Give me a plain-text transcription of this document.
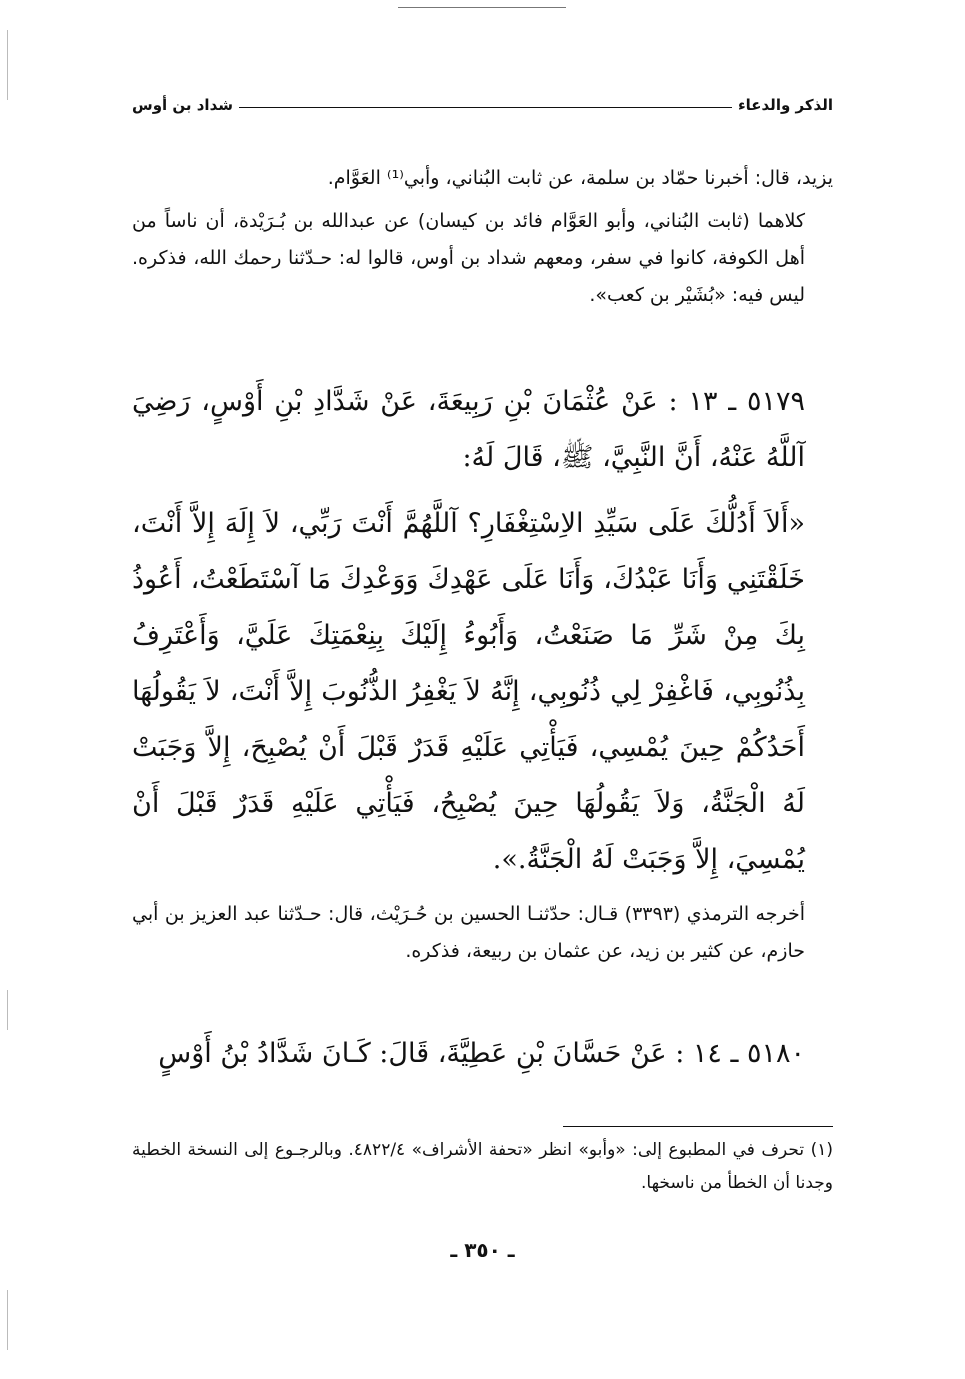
الذكر والدعاء
شداد بن أوس

يزيد، قال: أخبرنا حمّاد بن سلمة، عن ثابت البُناني، وأبي⁽¹⁾ العَوَّام.

كلاهما (ثابت البُناني، وأبو العَوَّام فائد بن كيسان) عن عبدالله بن بُـرَيْدة، أن ناساً من أهل الكوفة، كانوا في سفر، ومعهم شداد بن أوس، قالوا له: حـدّثنا رحمك الله، فذكره. ليس فيه: «بُشَيْر بن كعب».

٥١٧٩ ـ ١٣ : عَنْ عُثْمَانَ بْنِ رَبِيعَةَ، عَنْ شَدَّادِ بْنِ أَوْسٍ، رَضِيَ آللَّهُ عَنْهُ، أَنَّ النَّبِيَّ، ﷺ، قَالَ لَهُ:

«أَلاَ أَدُلُّكَ عَلَى سَيِّدِ الاِسْتِغْفَارِ؟ آللَّهُمَّ أَنْتَ رَبِّي، لاَ إِلَهَ إِلاَّ أَنْتَ، خَلَقْتَنِي وَأَنَا عَبْدُكَ، وَأَنَا عَلَى عَهْدِكَ وَوَعْدِكَ مَا آسْتَطَعْتُ، أَعُوذُ بِكَ مِنْ شَرِّ مَا صَنَعْتُ، وَأَبُوءُ إِلَيْكَ بِنِعْمَتِكَ عَلَيَّ، وَأَعْتَرِفُ بِذُنُوبِي، فَاغْفِرْ لِي ذُنُوبِي، إِنَّهُ لاَ يَغْفِرُ الذُّنُوبَ إِلاَّ أَنْتَ، لاَ يَقُولُهَا أَحَدُكُمْ حِينَ يُمْسِي، فَيَأْتِي عَلَيْهِ قَدَرٌ قَبْلَ أَنْ يُصْبِحَ، إِلاَّ وَجَبَتْ لَهُ الْجَنَّةُ، وَلاَ يَقُولُهَا حِينَ يُصْبِحُ، فَيَأْتِي عَلَيْهِ قَدَرٌ قَبْلَ أَنْ يُمْسِيَ، إِلاَّ وَجَبَتْ لَهُ الْجَنَّةُ.».

أخرجه الترمذي (٣٣٩٣) قـال: حدّثنـا الحسين بن حُـرَيْث، قال: حـدّثنا عبد العزيز بن أبي حازم، عن كثير بن زيد، عن عثمان بن ربيعة، فذكره.

٥١٨٠ ـ ١٤ : عَنْ حَسَّانَ بْنِ عَطِيَّةَ، قَالَ: كَـانَ شَدَّادُ بْنُ أَوْسٍ

(١) تحرف في المطبوع إلى: «وأبو» انظر «تحفة الأشراف» ٤٨٢٢/٤. وبالرجـوع إلى النسخة الخطية وجدنا أن الخطأ من ناسخها.

ـ ٣٥٠ ـ
